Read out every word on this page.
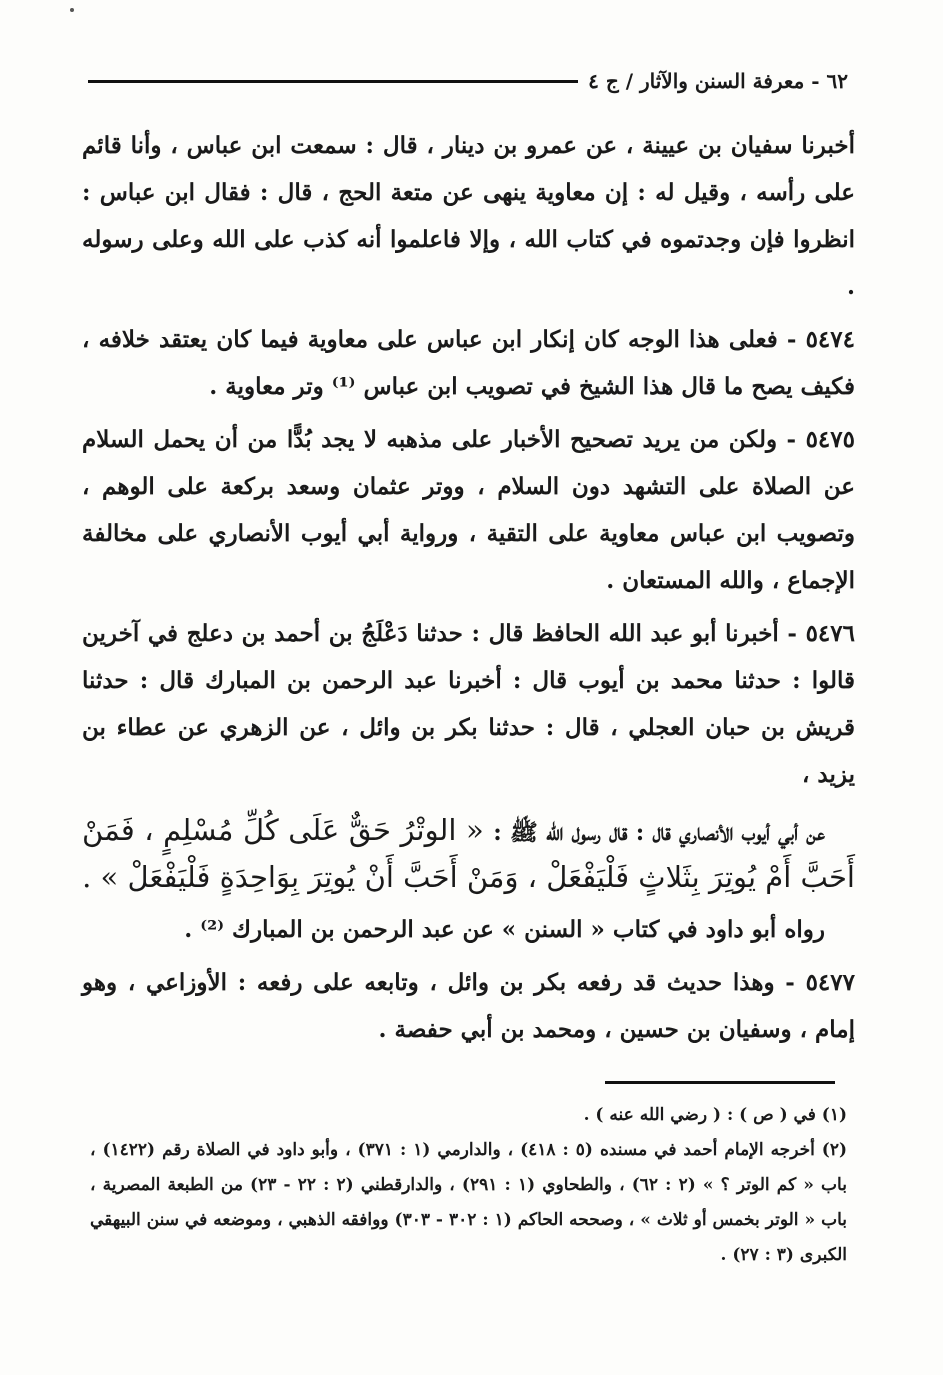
٦٢ - معرفة السنن والآثار / ج ٤

أخبرنا سفيان بن عيينة ، عن عمرو بن دينار ، قال : سمعت ابن عباس ، وأنا قائم على رأسه ، وقيل له : إن معاوية ينهى عن متعة الحج ، قال : فقال ابن عباس : انظروا فإن وجدتموه في كتاب الله ، وإلا فاعلموا أنه كذب على الله وعلى رسوله .

٥٤٧٤ - فعلى هذا الوجه كان إنكار ابن عباس على معاوية فيما كان يعتقد خلافه ، فكيف يصح ما قال هذا الشيخ في تصويب ابن عباس ⁽¹⁾ وتر معاوية .

٥٤٧٥ - ولكن من يريد تصحيح الأخبار على مذهبه لا يجد بُدًّا من أن يحمل السلام عن الصلاة على التشهد دون السلام ، ووتر عثمان وسعد بركعة على الوهم ، وتصويب ابن عباس معاوية على التقية ، ورواية أبي أيوب الأنصاري على مخالفة الإجماع ، والله المستعان .

٥٤٧٦ - أخبرنا أبو عبد الله الحافظ قال : حدثنا دَعْلَجُ بن أحمد بن دعلج في آخرين قالوا : حدثنا محمد بن أيوب قال : أخبرنا عبد الرحمن بن المبارك قال : حدثنا قريش بن حبان العجلي ، قال : حدثنا بكر بن وائل ، عن الزهري عن عطاء بن يزيد ،

عن أبي أيوب الأنصاري قال : قال رسول الله ﷺ : « الوتْرُ حَقٌّ عَلَى كُلِّ مُسْلِمٍ ، فَمَنْ أَحَبَّ أَمْ يُوتِرَ بِثَلاثٍ فَلْيَفْعَلْ ، وَمَنْ أَحَبَّ أَنْ يُوتِرَ بِوَاحِدَةٍ فَلْيَفْعَلْ » .

رواه أبو داود في كتاب « السنن » عن عبد الرحمن بن المبارك ⁽²⁾ .

٥٤٧٧ - وهذا حديث قد رفعه بكر بن وائل ، وتابعه على رفعه : الأوزاعي ، وهو إمام ، وسفيان بن حسين ، ومحمد بن أبي حفصة .

(١) في ( ص ) : ( رضي الله عنه ) .

(٢) أخرجه الإمام أحمد في مسنده (٥ : ٤١٨) ، والدارمي (١ : ٣٧١) ، وأبو داود في الصلاة رقم (١٤٢٢) ، باب « كم الوتر ؟ » (٢ : ٦٢) ، والطحاوي (١ : ٢٩١) ، والدارقطني (٢ : ٢٢ - ٢٣) من الطبعة المصرية ، باب « الوتر بخمس أو ثلاث » ، وصححه الحاكم (١ : ٣٠٢ - ٣٠٣) ووافقه الذهبي ، وموضعه في سنن البيهقي الكبرى (٣ : ٢٧) .
